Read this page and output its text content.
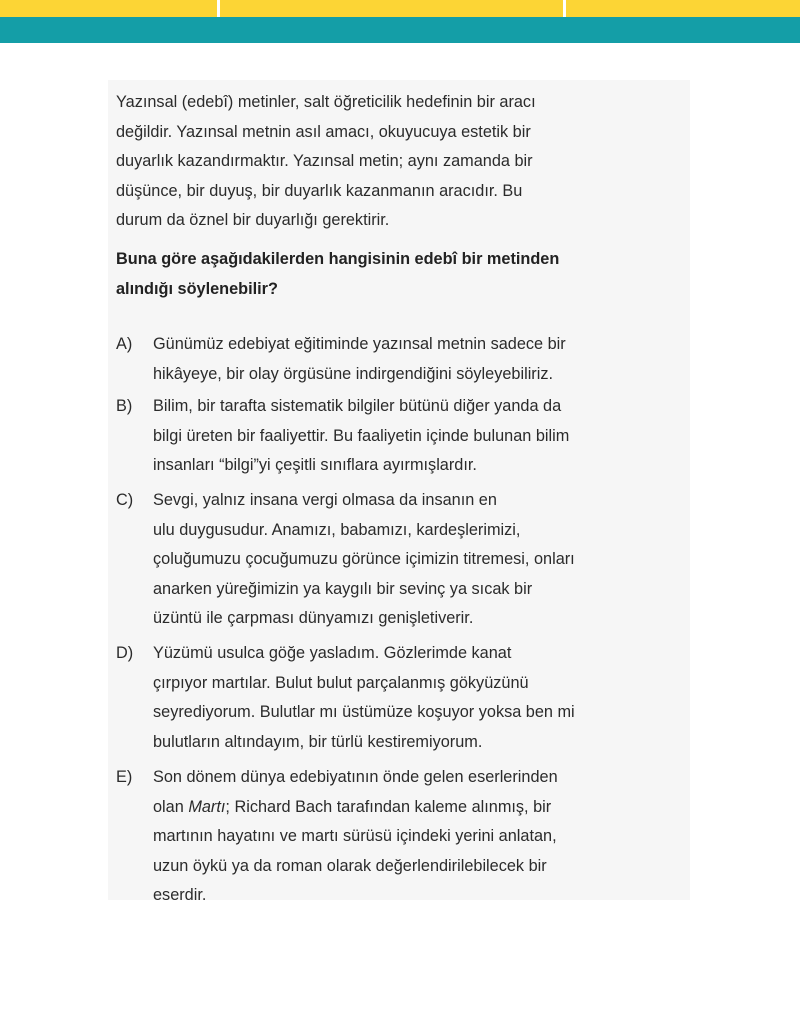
Yazınsal (edebî) metinler, salt öğreticilik hedefinin bir aracı
değildir. Yazınsal metnin asıl amacı, okuyucuya estetik bir
duyarlık kazandırmaktır. Yazınsal metin; aynı zamanda bir
düşünce, bir duyuş, bir duyarlık kazanmanın aracıdır. Bu
durum da öznel bir duyarlığı gerektirir.

Buna göre aşağıdakilerden hangisinin edebî bir metinden
alındığı söylenebilir?

A) Günümüz edebiyat eğitiminde yazınsal metnin sadece bir
hikâyeye, bir olay örgüsüne indirgendiğini söyleyebiliriz.
B) Bilim, bir tarafta sistematik bilgiler bütünü diğer yanda da
bilgi üreten bir faaliyettir. Bu faaliyetin içinde bulunan bilim
insanları “bilgi”yi çeşitli sınıflara ayırmışlardır.
C) Sevgi, yalnız insana vergi olmasa da insanın en
ulu duygusudur. Anamızı, babamızı, kardeşlerimizi,
çoluğumuzu çocuğumuzu görünce içimizin titremesi, onları
anarken yüreğimizin ya kaygılı bir sevinç ya sıcak bir
üzüntü ile çarpması dünyamızı genişletiverir.
D) Yüzümü usulca göğe yasladım. Gözlerimde kanat
çırpıyor martılar. Bulut bulut parçalanmış gökyüzünü
seyrediyorum. Bulutlar mı üstümüze koşuyor yoksa ben mi
bulutların altındayım, bir türlü kestiremiyorum.
E) Son dönem dünya edebiyatının önde gelen eserlerinden
olan Martı; Richard Bach tarafından kaleme alınmış, bir
martının hayatını ve martı sürüsü içindeki yerini anlatan,
uzun öykü ya da roman olarak değerlendirilebilecek bir
eserdir.
